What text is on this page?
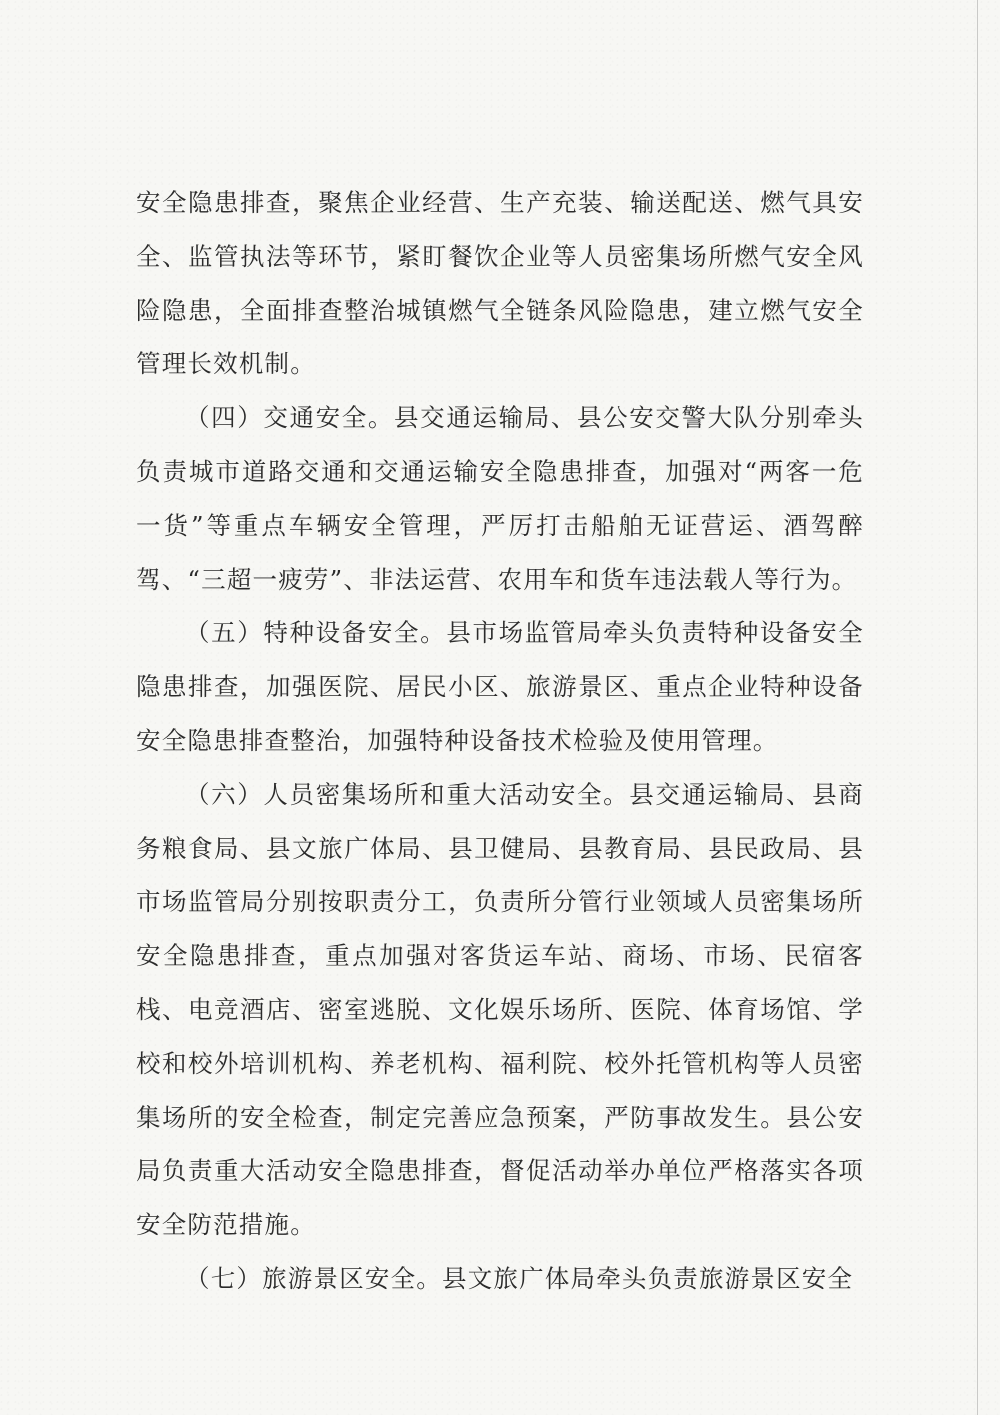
安全隐患排查，聚焦企业经营、生产充装、输送配送、燃气具安全、监管执法等环节，紧盯餐饮企业等人员密集场所燃气安全风险隐患，全面排查整治城镇燃气全链条风险隐患，建立燃气安全管理长效机制。

（四）交通安全。县交通运输局、县公安交警大队分别牵头负责城市道路交通和交通运输安全隐患排查，加强对“两客一危一货”等重点车辆安全管理，严厉打击船舶无证营运、酒驾醉驾、“三超一疲劳”、非法运营、农用车和货车违法载人等行为。

（五）特种设备安全。县市场监管局牵头负责特种设备安全隐患排查，加强医院、居民小区、旅游景区、重点企业特种设备安全隐患排查整治，加强特种设备技术检验及使用管理。

（六）人员密集场所和重大活动安全。县交通运输局、县商务粮食局、县文旅广体局、县卫健局、县教育局、县民政局、县市场监管局分别按职责分工，负责所分管行业领域人员密集场所安全隐患排查，重点加强对客货运车站、商场、市场、民宿客栈、电竞酒店、密室逃脱、文化娱乐场所、医院、体育场馆、学校和校外培训机构、养老机构、福利院、校外托管机构等人员密集场所的安全检查，制定完善应急预案，严防事故发生。县公安局负责重大活动安全隐患排查，督促活动举办单位严格落实各项安全防范措施。

（七）旅游景区安全。县文旅广体局牵头负责旅游景区安全
